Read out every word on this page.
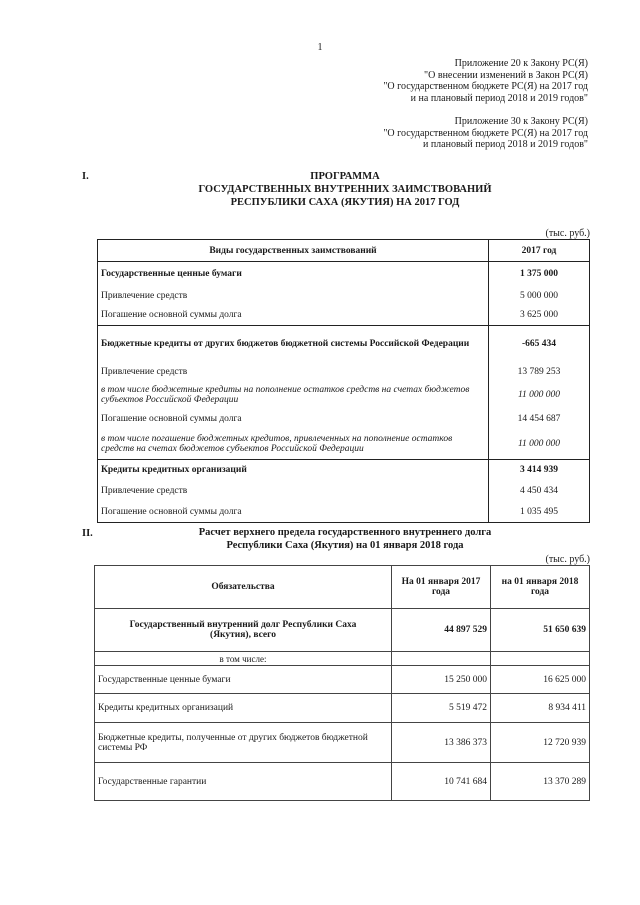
1
Приложение 20 к Закону РС(Я)
"О внесении изменений в Закон РС(Я)
"О государственном бюджете РС(Я) на 2017 год
и на плановый период 2018 и 2019 годов"
Приложение 30 к Закону РС(Я)
"О государственном бюджете РС(Я) на 2017 год
и плановый период 2018 и 2019 годов"
I.	ПРОГРАММА
ГОСУДАРСТВЕННЫХ ВНУТРЕННИХ ЗАИМСТВОВАНИЙ
РЕСПУБЛИКИ САХА (ЯКУТИЯ) НА 2017 ГОД
(тыс. руб.)
Виды государственных заимствований	2017 год
Государственные ценные бумаги	1 375 000
Привлечение средств	5 000 000
Погашение основной суммы долга	3 625 000
Бюджетные кредиты от других бюджетов бюджетной системы Российской Федерации	-665 434
Привлечение средств	13 789 253
в том числе бюджетные кредиты на пополнение остатков средств на счетах бюджетов субъектов Российской Федерации	11 000 000
Погашение основной суммы долга	14 454 687
в том числе погашение бюджетных кредитов, привлеченных на пополнение остатков средств на счетах бюджетов субъектов Российской Федерации	11 000 000
Кредиты кредитных организаций	3 414 939
Привлечение средств	4 450 434
Погашение основной суммы долга	1 035 495
II.	Расчет верхнего предела государственного внутреннего долга
Республики Саха (Якутия) на 01 января 2018 года
(тыс. руб.)
Обязательства	На 01 января 2017 года	на 01 января 2018 года
Государственный внутренний долг Республики Саха (Якутия), всего	44 897 529	51 650 639
в том числе:		
Государственные ценные бумаги	15 250 000	16 625 000
Кредиты кредитных организаций	5 519 472	8 934 411
Бюджетные кредиты, полученные от других бюджетов бюджетной системы РФ	13 386 373	12 720 939
Государственные гарантии	10 741 684	13 370 289
